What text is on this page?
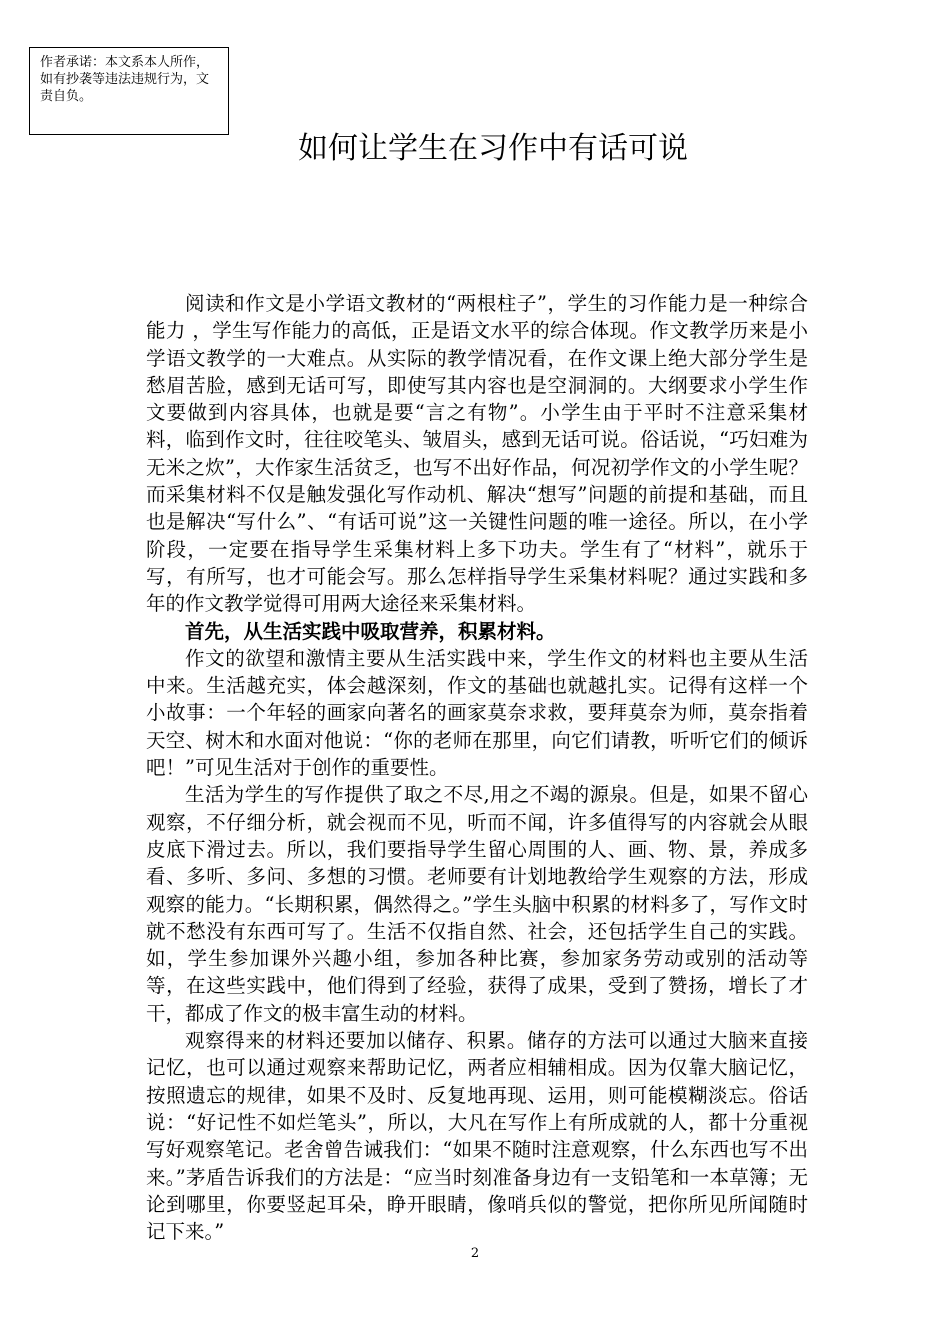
作者承诺：本文系本人所作，如有抄袭等违法违规行为，文责自负。
如何让学生在习作中有话可说

阅读和作文是小学语文教材的“两根柱子”，学生的习作能力是一种综合能力 ，学生写作能力的高低，正是语文水平的综合体现。作文教学历来是小学语文教学的一大难点。从实际的教学情况看，在作文课上绝大部分学生是愁眉苦脸，感到无话可写，即使写其内容也是空洞洞的。大纲要求小学生作文要做到内容具体，也就是要“言之有物”。小学生由于平时不注意采集材料，临到作文时，往往咬笔头、皱眉头，感到无话可说。俗话说，“巧妇难为无米之炊”，大作家生活贫乏，也写不出好作品，何况初学作文的小学生呢？而采集材料不仅是触发强化写作动机、解决“想写”问题的前提和基础，而且也是解决“写什么”、“有话可说”这一关键性问题的唯一途径。所以，在小学阶段，一定要在指导学生采集材料上多下功夫。学生有了“材料”，就乐于写，有所写，也才可能会写。那么怎样指导学生采集材料呢？通过实践和多年的作文教学觉得可用两大途径来采集材料。

首先，从生活实践中吸取营养，积累材料。

作文的欲望和激情主要从生活实践中来，学生作文的材料也主要从生活中来。生活越充实，体会越深刻，作文的基础也就越扎实。记得有这样一个小故事：一个年轻的画家向著名的画家莫奈求救，要拜莫奈为师，莫奈指着天空、树木和水面对他说：“你的老师在那里，向它们请教，听听它们的倾诉吧！”可见生活对于创作的重要性。

生活为学生的写作提供了取之不尽,用之不竭的源泉。但是，如果不留心观察，不仔细分析，就会视而不见，听而不闻，许多值得写的内容就会从眼皮底下滑过去。所以，我们要指导学生留心周围的人、画、物、景，养成多看、多听、多问、多想的习惯。老师要有计划地教给学生观察的方法，形成观察的能力。“长期积累，偶然得之。”学生头脑中积累的材料多了，写作文时就不愁没有东西可写了。生活不仅指自然、社会，还包括学生自己的实践。如，学生参加课外兴趣小组，参加各种比赛，参加家务劳动或别的活动等等，在这些实践中，他们得到了经验，获得了成果，受到了赞扬，增长了才干，都成了作文的极丰富生动的材料。

观察得来的材料还要加以储存、积累。储存的方法可以通过大脑来直接记忆，也可以通过观察来帮助记忆，两者应相辅相成。因为仅靠大脑记忆，按照遗忘的规律，如果不及时、反复地再现、运用，则可能模糊淡忘。俗话说：“好记性不如烂笔头”，所以，大凡在写作上有所成就的人，都十分重视写好观察笔记。老舍曾告诫我们：“如果不随时注意观察，什么东西也写不出来。”茅盾告诉我们的方法是：“应当时刻准备身边有一支铅笔和一本草簿；无论到哪里，你要竖起耳朵，睁开眼睛，像哨兵似的警觉，把你所见所闻随时记下来。”

2
